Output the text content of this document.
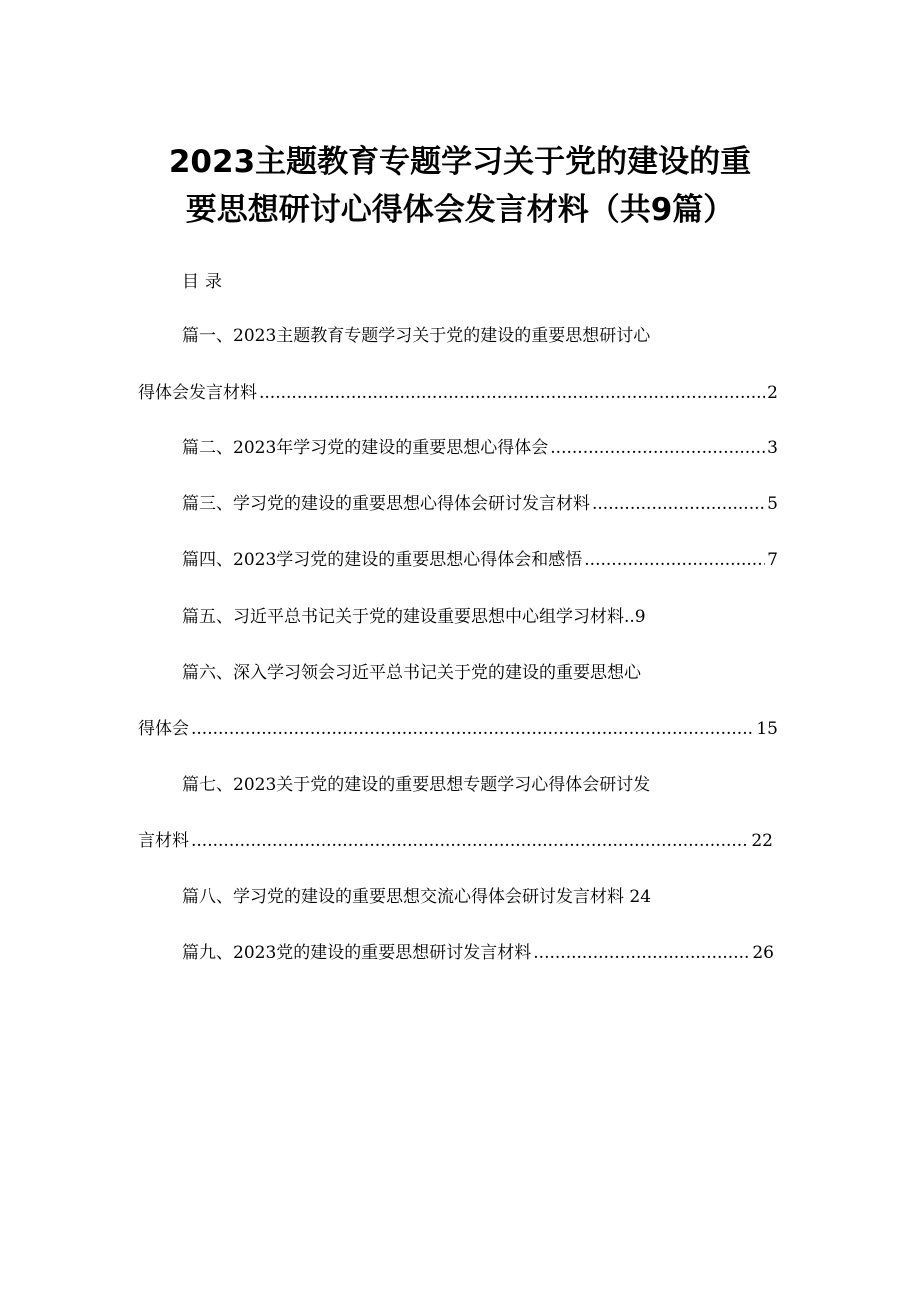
2023主题教育专题学习关于党的建设的重
要思想研讨心得体会发言材料（共9篇）
目录
篇一、2023主题教育专题学习关于党的建设的重要思想研讨心
得体会发言材料 .....	2
篇二、2023年学习党的建设的重要思想心得体会 .....	3
篇三、学习党的建设的重要思想心得体会研讨发言材料 .....	5
篇四、2023学习党的建设的重要思想心得体会和感悟 .....	7
篇五、习近平总书记关于党的建设重要思想中心组学习材料..9
篇六、深入学习领会习近平总书记关于党的建设的重要思想心
得体会 .....	15
篇七、2023关于党的建设的重要思想专题学习心得体会研讨发
言材料 .....	22
篇八、学习党的建设的重要思想交流心得体会研讨发言材料 24
篇九、2023党的建设的重要思想研讨发言材料 .....	26
